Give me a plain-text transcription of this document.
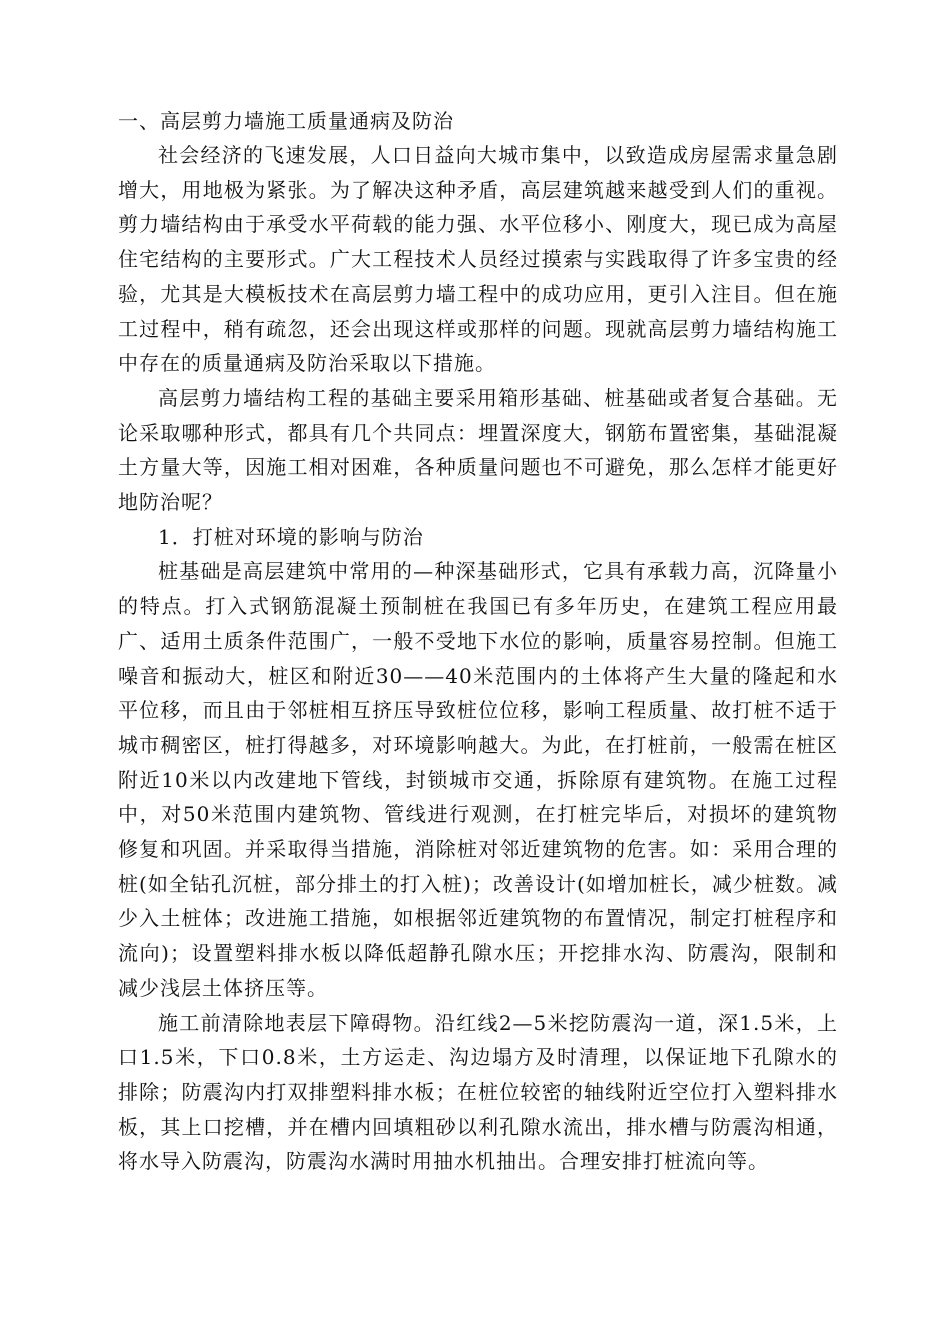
一、高层剪力墙施工质量通病及防治

社会经济的飞速发展，人口日益向大城市集中，以致造成房屋需求量急剧增大，用地极为紧张。为了解决这种矛盾，高层建筑越来越受到人们的重视。剪力墙结构由于承受水平荷载的能力强、水平位移小、刚度大，现已成为高屋住宅结构的主要形式。广大工程技术人员经过摸索与实践取得了许多宝贵的经验，尤其是大模板技术在高层剪力墙工程中的成功应用，更引入注目。但在施工过程中，稍有疏忽，还会出现这样或那样的问题。现就高层剪力墙结构施工中存在的质量通病及防治采取以下措施。

高层剪力墙结构工程的基础主要采用箱形基础、桩基础或者复合基础。无论采取哪种形式，都具有几个共同点：埋置深度大，钢筋布置密集，基础混凝土方量大等，因施工相对困难，各种质量问题也不可避免，那么怎样才能更好地防治呢？

1．打桩对环境的影响与防治

桩基础是高层建筑中常用的—种深基础形式，它具有承载力高，沉降量小的特点。打入式钢筋混凝土预制桩在我国已有多年历史，在建筑工程应用最广、适用土质条件范围广，一般不受地下水位的影响，质量容易控制。但施工噪音和振动大，桩区和附近30——40米范围内的土体将产生大量的隆起和水平位移，而且由于邻桩相互挤压导致桩位位移，影响工程质量、故打桩不适于城市稠密区，桩打得越多，对环境影响越大。为此，在打桩前，一般需在桩区附近10米以内改建地下管线，封锁城市交通，拆除原有建筑物。在施工过程中，对50米范围内建筑物、管线进行观测，在打桩完毕后，对损坏的建筑物修复和巩固。并采取得当措施，消除桩对邻近建筑物的危害。如：采用合理的桩(如全钻孔沉桩，部分排土的打入桩)；改善设计(如增加桩长，减少桩数。减少入土桩体；改进施工措施，如根据邻近建筑物的布置情况，制定打桩程序和流向)；设置塑料排水板以降低超静孔隙水压；开挖排水沟、防震沟，限制和减少浅层土体挤压等。

施工前清除地表层下障碍物。沿红线2—5米挖防震沟一道，深1.5米，上口1.5米，下口0.8米，土方运走、沟边塌方及时清理，以保证地下孔隙水的排除；防震沟内打双排塑料排水板；在桩位较密的轴线附近空位打入塑料排水板，其上口挖槽，并在槽内回填粗砂以利孔隙水流出，排水槽与防震沟相通，将水导入防震沟，防震沟水满时用抽水机抽出。合理安排打桩流向等。
